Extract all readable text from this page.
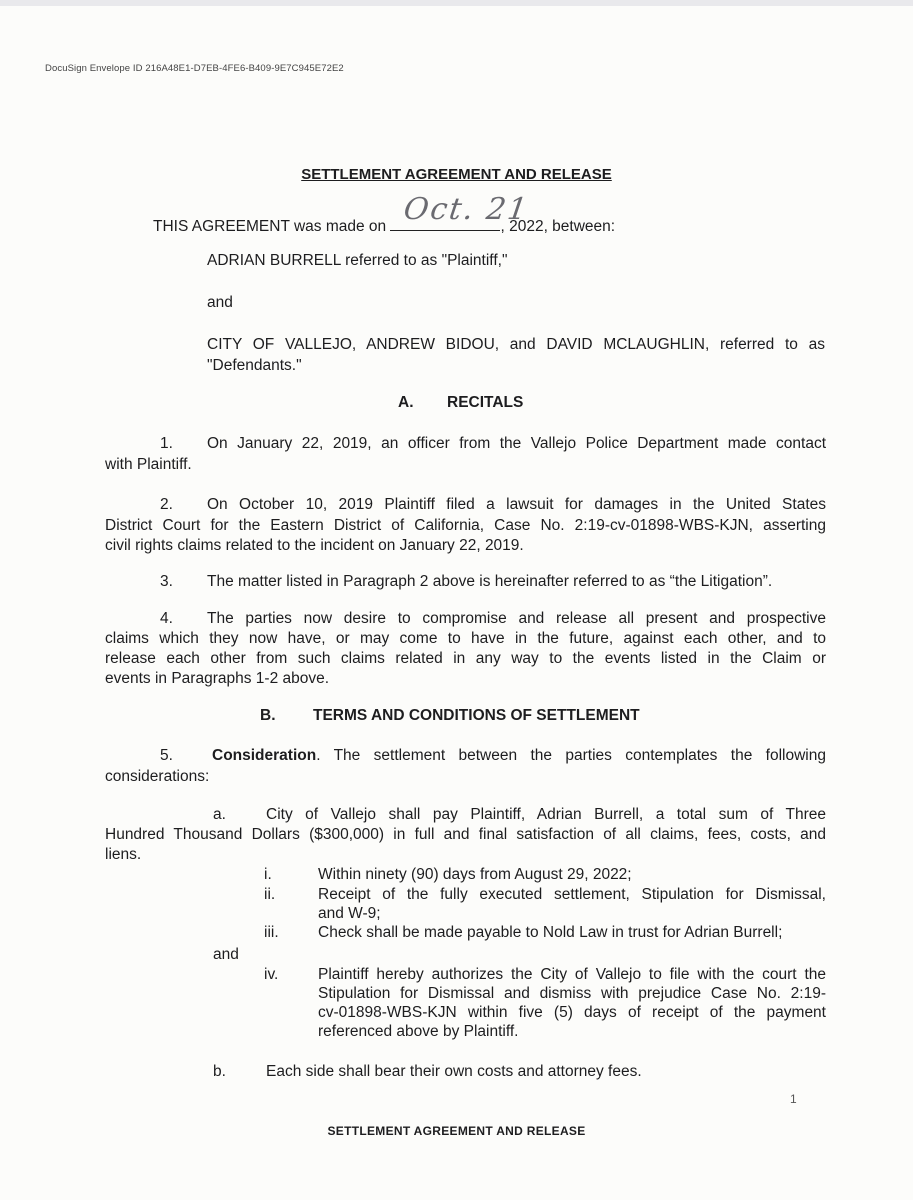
DocuSign Envelope ID 216A48E1-D7EB-4FE6-B409-9E7C945E72E2
SETTLEMENT AGREEMENT AND RELEASE
THIS AGREEMENT was made on Oct. 21
, 2022, between:
ADRIAN BURRELL referred to as "Plaintiff,"
and
CITY OF VALLEJO, ANDREW BIDOU, and DAVID MCLAUGHLIN, referred to as
"Defendants."
A. RECITALS
1. On January 22, 2019, an officer from the Vallejo Police Department made contact
with Plaintiff.
2. On October 10, 2019 Plaintiff filed a lawsuit for damages in the United States
District Court for the Eastern District of California, Case No. 2:19-cv-01898-WBS-KJN, asserting
civil rights claims related to the incident on January 22, 2019.
3. The matter listed in Paragraph 2 above is hereinafter referred to as “the Litigation”.
4. The parties now desire to compromise and release all present and prospective
claims which they now have, or may come to have in the future, against each other, and to
release each other from such claims related in any way to the events listed in the Claim or
events in Paragraphs 1-2 above.
B. TERMS AND CONDITIONS OF SETTLEMENT
5.	Consideration. The settlement between the parties contemplates the following
considerations:
a.	City of Vallejo shall pay Plaintiff, Adrian Burrell, a total sum of Three
Hundred Thousand Dollars ($300,000) in full and final satisfaction of all claims, fees, costs, and
liens.
i.	Within ninety (90) days from August 29, 2022;
ii.	Receipt of the fully executed settlement, Stipulation for Dismissal,
and W-9;
iii.	Check shall be made payable to Nold Law in trust for Adrian Burrell;
and
iv.	Plaintiff hereby authorizes the City of Vallejo to file with the court the
Stipulation for Dismissal and dismiss with prejudice Case No. 2:19-
cv-01898-WBS-KJN within five (5) days of receipt of the payment
referenced above by Plaintiff.
b.	Each side shall bear their own costs and attorney fees.
1
SETTLEMENT AGREEMENT AND RELEASE
